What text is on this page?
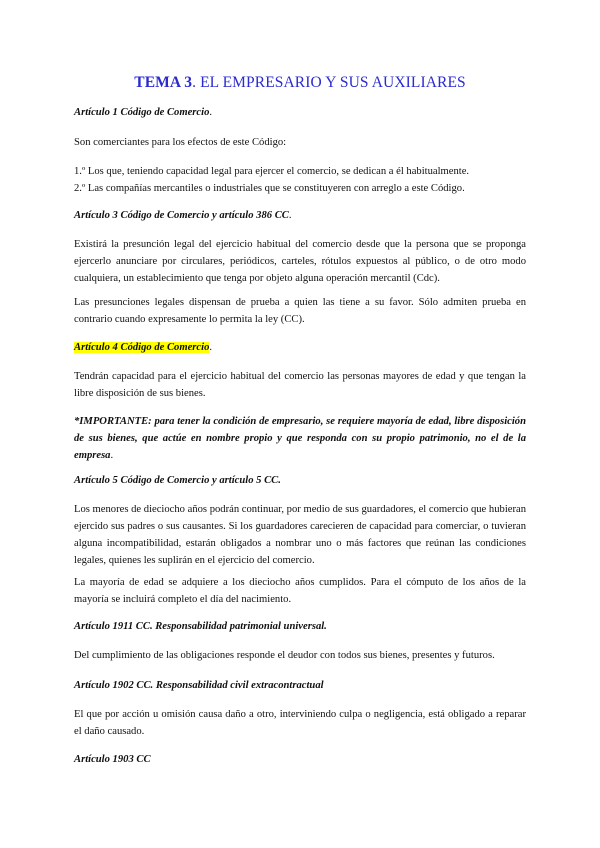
TEMA 3. EL EMPRESARIO Y SUS AUXILIARES
Artículo 1 Código de Comercio.
Son comerciantes para los efectos de este Código:
1.º Los que, teniendo capacidad legal para ejercer el comercio, se dedican a él habitualmente.
2.º Las compañías mercantiles o industriales que se constituyeren con arreglo a este Código.
Artículo 3 Código de Comercio y artículo 386 CC.
Existirá la presunción legal del ejercicio habitual del comercio desde que la persona que se proponga ejercerlo anunciare por circulares, periódicos, carteles, rótulos expuestos al público, o de otro modo cualquiera, un establecimiento que tenga por objeto alguna operación mercantil (Cdc).
Las presunciones legales dispensan de prueba a quien las tiene a su favor. Sólo admiten prueba en contrario cuando expresamente lo permita la ley (CC).
Artículo 4 Código de Comercio.
Tendrán capacidad para el ejercicio habitual del comercio las personas mayores de edad y que tengan la libre disposición de sus bienes.
*IMPORTANTE: para tener la condición de empresario, se requiere mayoría de edad, libre disposición de sus bienes, que actúe en nombre propio y que responda con su propio patrimonio, no el de la empresa.
Artículo 5 Código de Comercio y artículo 5 CC.
Los menores de dieciocho años podrán continuar, por medio de sus guardadores, el comercio que hubieran ejercido sus padres o sus causantes. Si los guardadores carecieren de capacidad para comerciar, o tuvieran alguna incompatibilidad, estarán obligados a nombrar uno o más factores que reúnan las condiciones legales, quienes les suplirán en el ejercicio del comercio.
La mayoría de edad se adquiere a los dieciocho años cumplidos. Para el cómputo de los años de la mayoría se incluirá completo el día del nacimiento.
Artículo 1911 CC. Responsabilidad patrimonial universal.
Del cumplimiento de las obligaciones responde el deudor con todos sus bienes, presentes y futuros.
Artículo 1902 CC. Responsabilidad civil extracontractual
El que por acción u omisión causa daño a otro, interviniendo culpa o negligencia, está obligado a reparar el daño causado.
Artículo 1903 CC
